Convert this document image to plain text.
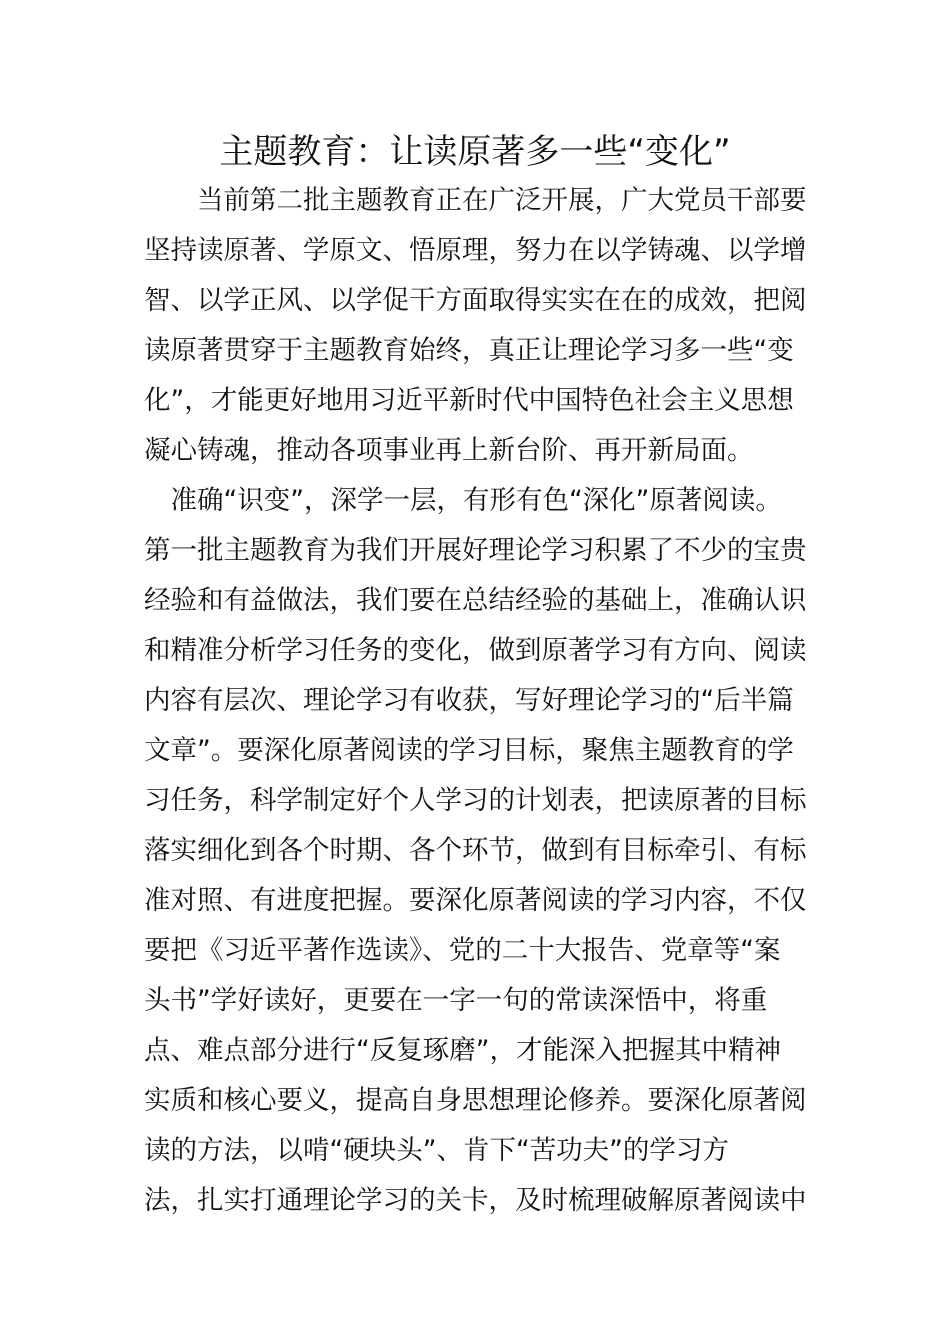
主题教育：让读原著多一些“变化”
　　当前第二批主题教育正在广泛开展，广大党员干部要
坚持读原著、学原文、悟原理，努力在以学铸魂、以学增
智、以学正风、以学促干方面取得实实在在的成效，把阅
读原著贯穿于主题教育始终，真正让理论学习多一些“变
化”，才能更好地用习近平新时代中国特色社会主义思想
凝心铸魂，推动各项事业再上新台阶、再开新局面。
　准确“识变”，深学一层，有形有色“深化”原著阅读。
第一批主题教育为我们开展好理论学习积累了不少的宝贵
经验和有益做法，我们要在总结经验的基础上，准确认识
和精准分析学习任务的变化，做到原著学习有方向、阅读
内容有层次、理论学习有收获，写好理论学习的“后半篇
文章”。要深化原著阅读的学习目标，聚焦主题教育的学
习任务，科学制定好个人学习的计划表，把读原著的目标
落实细化到各个时期、各个环节，做到有目标牵引、有标
准对照、有进度把握。要深化原著阅读的学习内容，不仅
要把《习近平著作选读》、党的二十大报告、党章等“案
头书”学好读好，更要在一字一句的常读深悟中，将重
点、难点部分进行“反复琢磨”，才能深入把握其中精神
实质和核心要义，提高自身思想理论修养。要深化原著阅
读的方法，以啃“硬块头”、肯下“苦功夫”的学习方
法，扎实打通理论学习的关卡，及时梳理破解原著阅读中
